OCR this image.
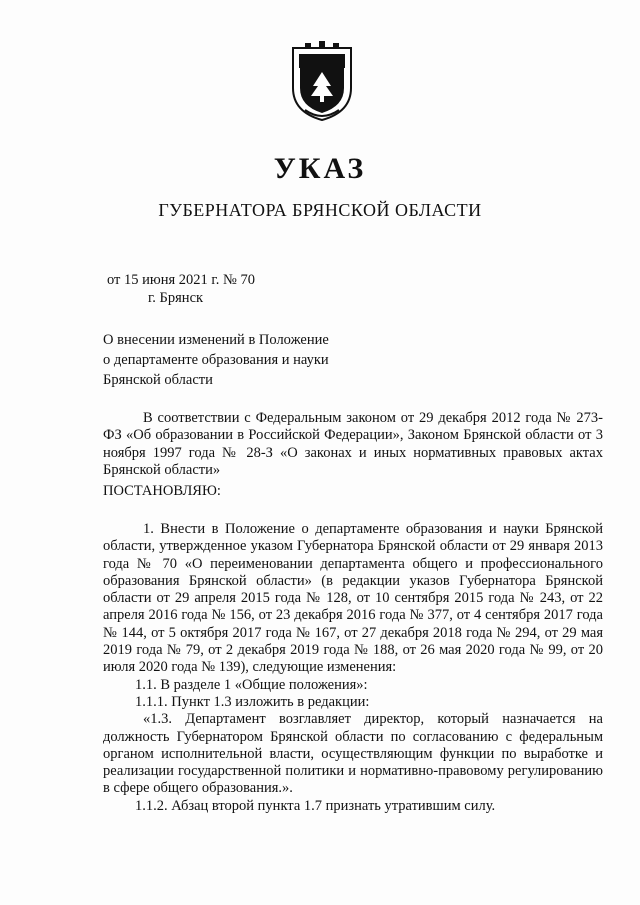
УКАЗ
ГУБЕРНАТОРА БРЯНСКОЙ ОБЛАСТИ
от 15 июня 2021 г. № 70
г. Брянск
О внесении изменений в Положение
о департаменте образования и науки
Брянской области

В соответствии с Федеральным законом от 29 декабря 2012 года № 273-ФЗ «Об образовании в Российской Федерации», Законом Брянской области от 3 ноября 1997 года № 28-З «О законах и иных нормативных правовых актах Брянской области»

ПОСТАНОВЛЯЮ:

1. Внести в Положение о департаменте образования и науки Брянской области, утвержденное указом Губернатора Брянской области от 29 января 2013 года № 70 «О переименовании департамента общего и профессионального образования Брянской области» (в редакции указов Губернатора Брянской области от 29 апреля 2015 года № 128, от 10 сентября 2015 года № 243, от 22 апреля 2016 года № 156, от 23 декабря 2016 года № 377, от 4 сентября 2017 года № 144, от 5 октября 2017 года № 167, от 27 декабря 2018 года № 294, от 29 мая 2019 года № 79, от 2 декабря 2019 года № 188, от 26 мая 2020 года № 99, от 20 июля 2020 года № 139), следующие изменения:

1.1. В разделе 1 «Общие положения»:

1.1.1. Пункт 1.3 изложить в редакции:

«1.3. Департамент возглавляет директор, который назначается на должность Губернатором Брянской области по согласованию с федеральным органом исполнительной власти, осуществляющим функции по выработке и реализации государственной политики и нормативно-правовому регулированию в сфере общего образования.».

1.1.2. Абзац второй пункта 1.7 признать утратившим силу.
